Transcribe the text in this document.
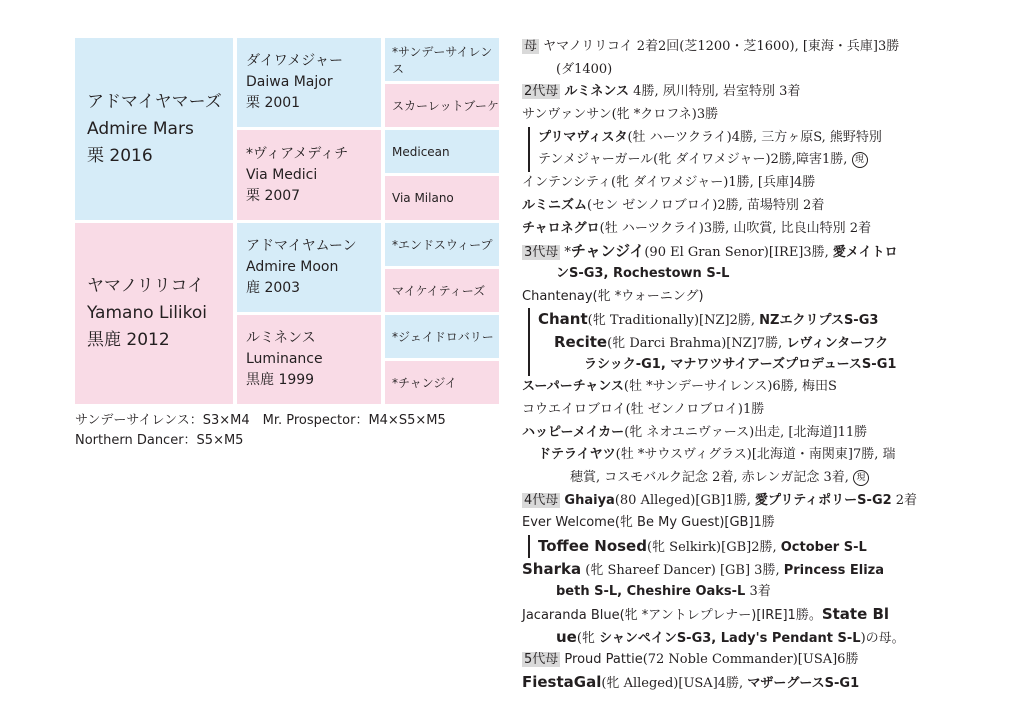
アドマイヤマーズ
Admire Mars
栗 2016
ヤマノリリコイ
Yamano Lilikoi
黒鹿 2012
ダイワメジャー
Daiwa Major
栗 2001
*ヴィアメディチ
Via Medici
栗 2007
アドマイヤムーン
Admire Moon
鹿 2003
ルミネンス
Luminance
黒鹿 1999
*サンデーサイレンス
スカーレットブーケ
Medicean
Via Milano
*エンドスウィープ
マイケイティーズ
*ジェイドロバリー
*チャンジイ
サンデーサイレンス：S3×M4　Mr. Prospector：M4×S5×M5
Northern Dancer：S5×M5
母 ヤマノリリコイ 2着2回(芝1200・芝1600), [東海・兵庫]3勝
(ダ1400)
2代母 ルミネンス 4勝, 夙川特別, 岩室特別 3着
サンヴァンサン(牝 *クロフネ)3勝
プリマヴィスタ(牡 ハーツクライ)4勝, 三方ヶ原S, 熊野特別
テンメジャーガール(牝 ダイワメジャー)2勝,障害1勝, 現
インテンシティ(牝 ダイワメジャー)1勝, [兵庫]4勝
ルミニズム(セン ゼンノロブロイ)2勝, 苗場特別 2着
チャロネグロ(牡 ハーツクライ)3勝, 山吹賞, 比良山特別 2着
3代母 *チャンジイ(90 El Gran Senor)[IRE]3勝, 愛メイトロ
ンS-G3, Rochestown S-L
Chantenay(牝 *ウォーニング)
Chant(牝 Traditionally)[NZ]2勝, NZエクリプスS-G3
Recite(牝 Darci Brahma)[NZ]7勝, レヴィンターフク
ラシック-G1, マナワツサイアーズプロデュースS-G1
スーパーチャンス(牡 *サンデーサイレンス)6勝, 梅田S
コウエイロブロイ(牡 ゼンノロブロイ)1勝
ハッピーメイカー(牝 ネオユニヴァース)出走, [北海道]11勝
ドテライヤツ(牡 *サウスヴィグラス)[北海道・南関東]7勝, 瑞
穂賞, コスモバルク記念 2着, 赤レンガ記念 3着, 現
4代母 Ghaiya(80 Alleged)[GB]1勝, 愛プリティポリーS-G2 2着
Ever Welcome(牝 Be My Guest)[GB]1勝
Toffee Nosed(牝 Selkirk)[GB]2勝, October S-L
Sharka (牝 Shareef Dancer) [GB] 3勝, Princess Eliza
beth S-L, Cheshire Oaks-L 3着
Jacaranda Blue(牝 *アントレプレナー)[IRE]1勝。State Bl
ue(牝 シャンペインS-G3, Lady's Pendant S-L)の母。
5代母 Proud Pattie(72 Noble Commander)[USA]6勝
FiestaGal(牝 Alleged)[USA]4勝, マザーグースS-G1
